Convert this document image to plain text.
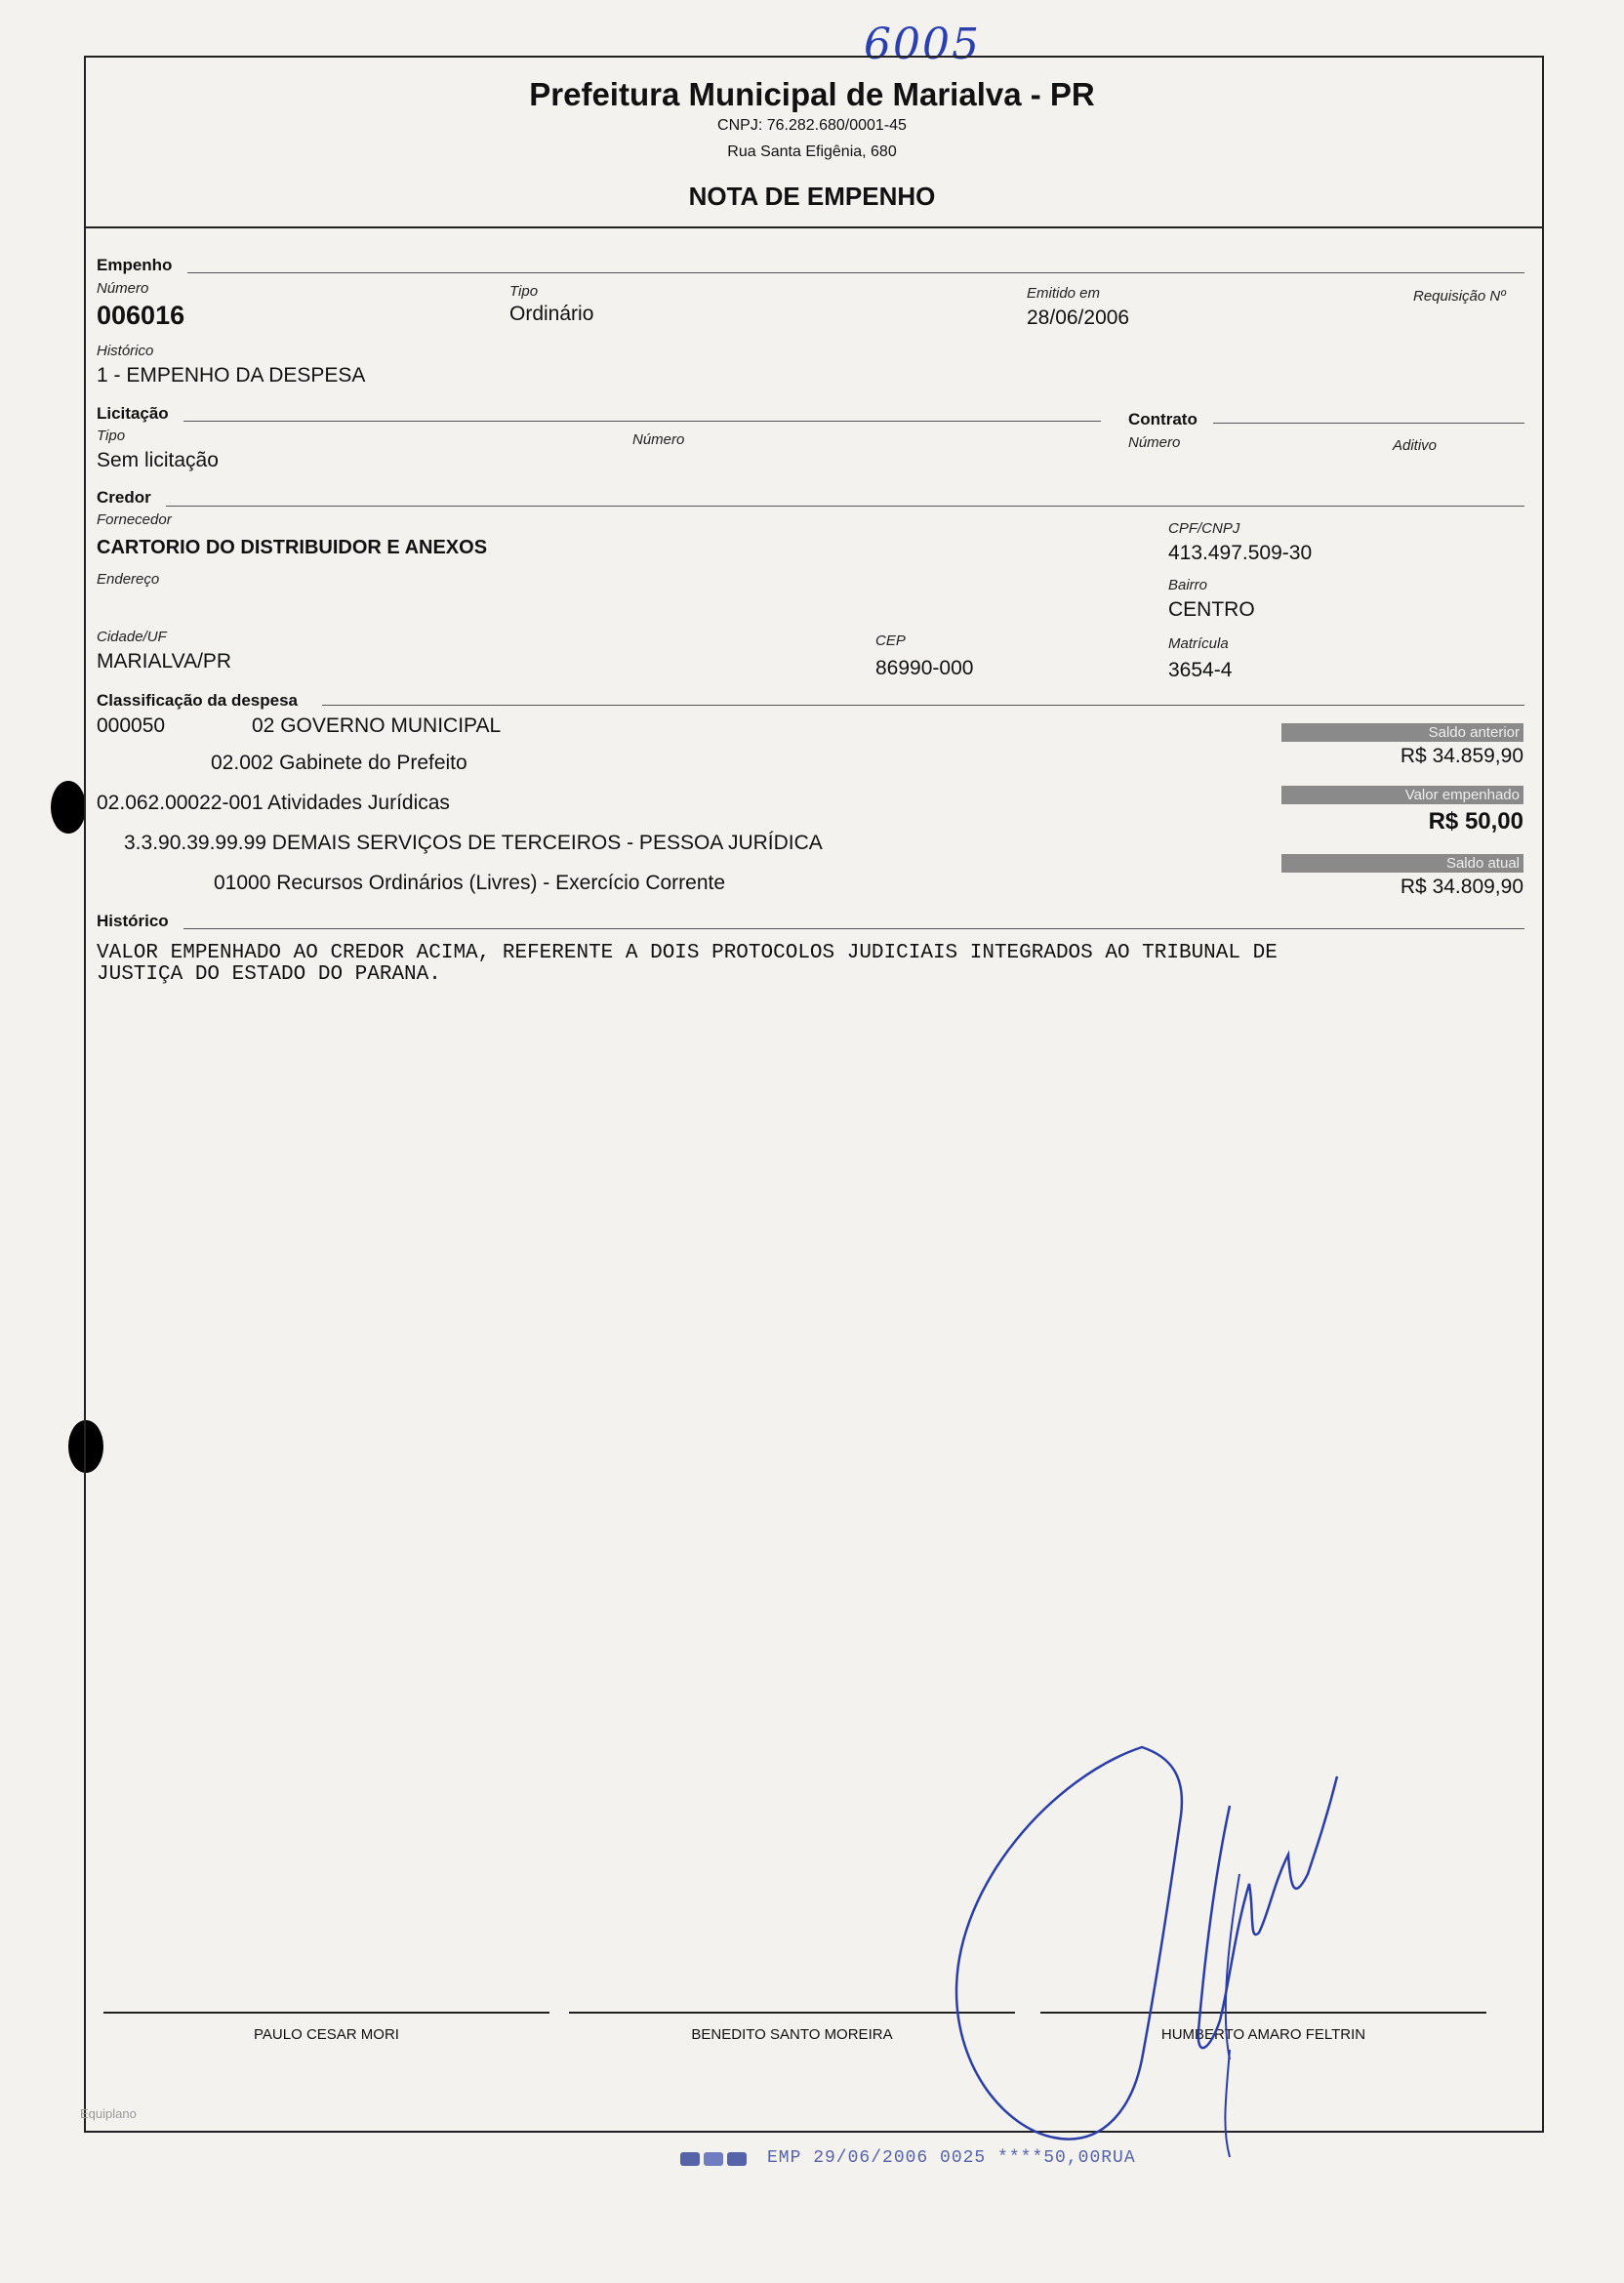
6005
Prefeitura Municipal de Marialva - PR
CNPJ: 76.282.680/0001-45
Rua Santa Efigênia, 680
NOTA DE EMPENHO
Empenho
Número
006016
Tipo
Ordinário
Emitido em
28/06/2006
Requisição Nº
Histórico
1 - EMPENHO DA DESPESA
Licitação
Tipo
Sem licitação
Número
Contrato
Número	Aditivo
Credor
Fornecedor
CARTORIO DO DISTRIBUIDOR E ANEXOS
CPF/CNPJ
413.497.509-30
Endereço	Bairro
CENTRO
Cidade/UF
MARIALVA/PR
CEP
86990-000
Matrícula
3654-4
Classificação da despesa
000050	02 GOVERNO MUNICIPAL
02.002 Gabinete do Prefeito
02.062.00022-001 Atividades Jurídicas
3.3.90.39.99.99 DEMAIS SERVIÇOS DE TERCEIROS - PESSOA JURÍDICA
01000 Recursos Ordinários (Livres) - Exercício Corrente
Saldo anterior
R$ 34.859,90
Valor empenhado
R$ 50,00
Saldo atual
R$ 34.809,90
Histórico
VALOR EMPENHADO AO CREDOR ACIMA, REFERENTE A DOIS PROTOCOLOS JUDICIAIS INTEGRADOS AO TRIBUNAL DE
JUSTIÇA DO ESTADO DO PARANA.
PAULO CESAR MORI	BENEDITO SANTO MOREIRA	HUMBERTO AMARO FELTRIN
Equiplano
EMP 29/06/2006 0025 ****50,00RUA
